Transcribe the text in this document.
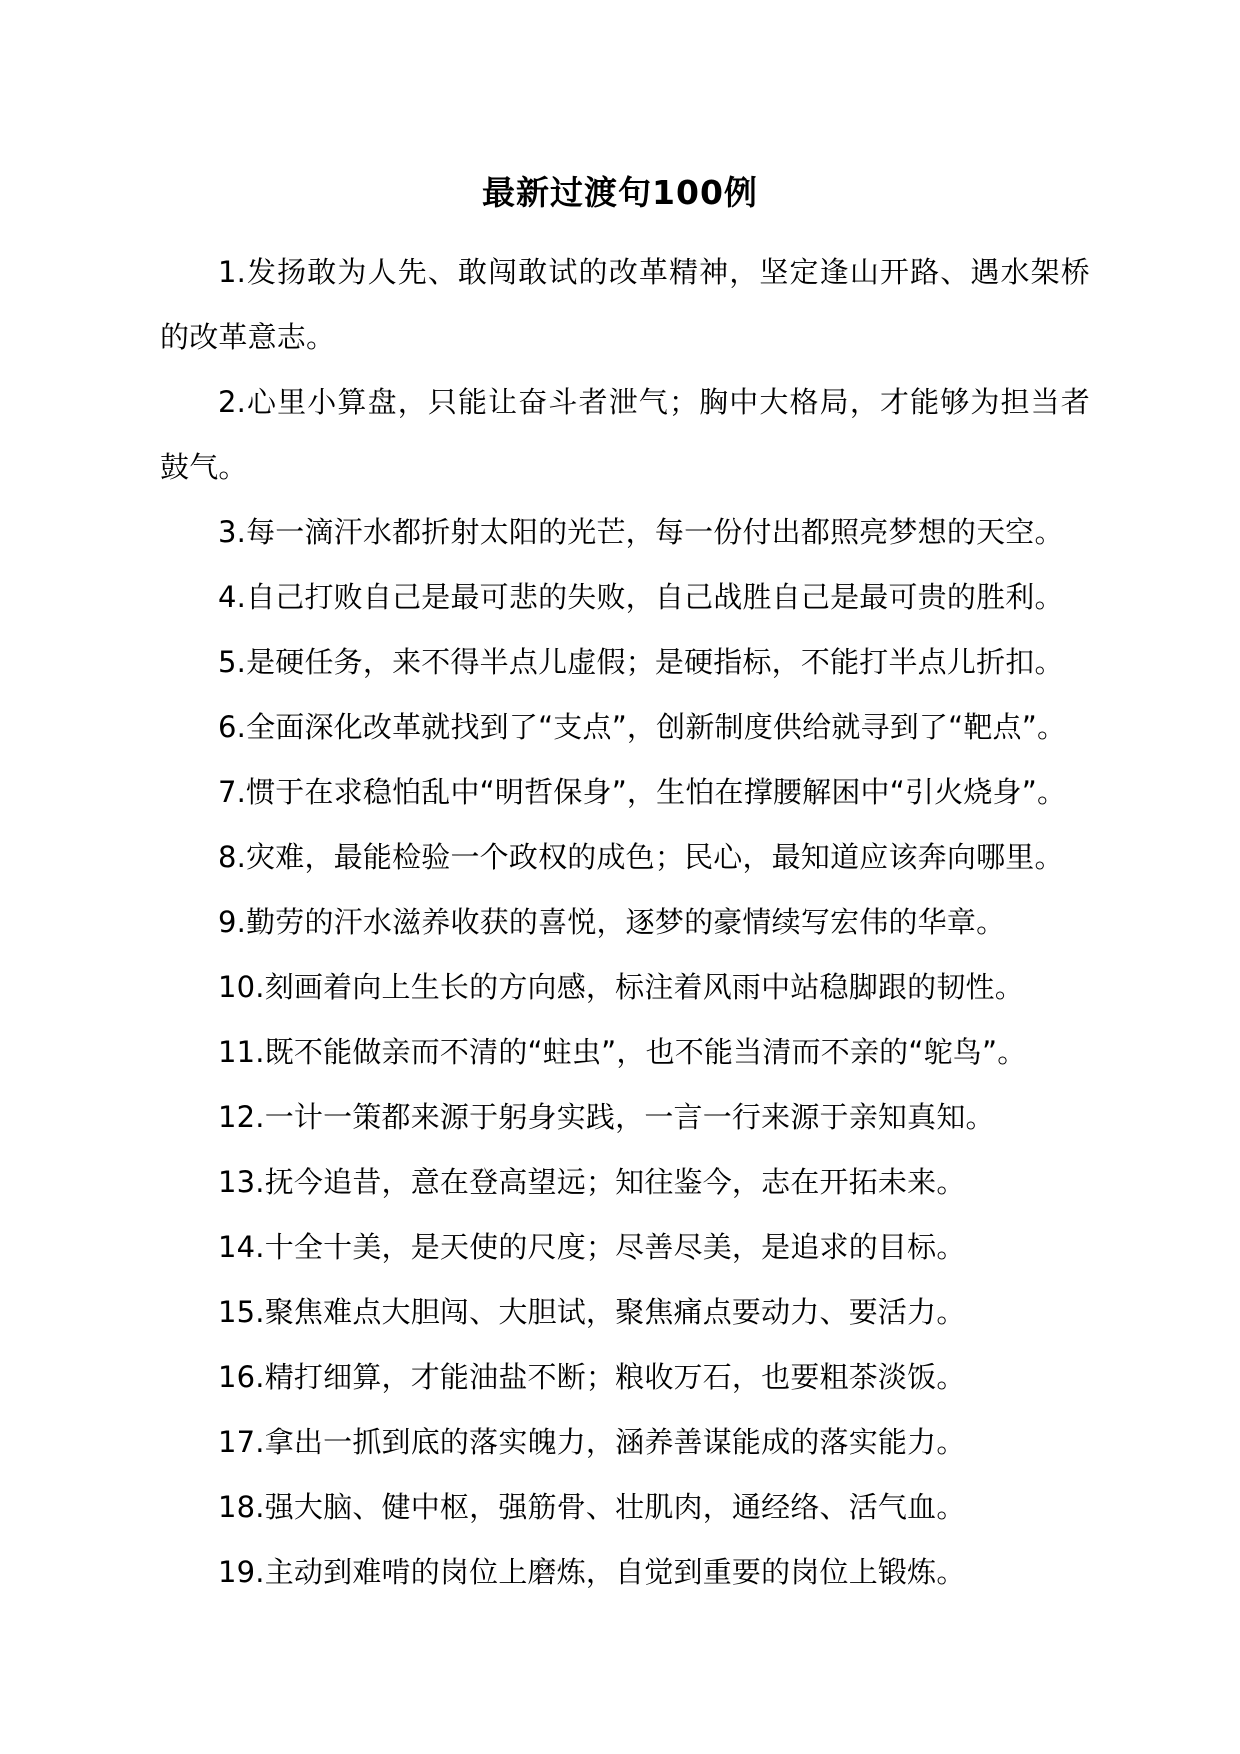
最新过渡句100例

1.发扬敢为人先、敢闯敢试的改革精神，坚定逢山开路、遇水架桥的改革意志。

2.心里小算盘，只能让奋斗者泄气；胸中大格局，才能够为担当者鼓气。

3.每一滴汗水都折射太阳的光芒，每一份付出都照亮梦想的天空。

4.自己打败自己是最可悲的失败，自己战胜自己是最可贵的胜利。

5.是硬任务，来不得半点儿虚假；是硬指标，不能打半点儿折扣。

6.全面深化改革就找到了“支点”，创新制度供给就寻到了“靶点”。

7.惯于在求稳怕乱中“明哲保身”，生怕在撑腰解困中“引火烧身”。

8.灾难，最能检验一个政权的成色；民心，最知道应该奔向哪里。

9.勤劳的汗水滋养收获的喜悦，逐梦的豪情续写宏伟的华章。

10.刻画着向上生长的方向感，标注着风雨中站稳脚跟的韧性。

11.既不能做亲而不清的“蛀虫”，也不能当清而不亲的“鸵鸟”。

12.一计一策都来源于躬身实践，一言一行来源于亲知真知。

13.抚今追昔，意在登高望远；知往鉴今，志在开拓未来。

14.十全十美，是天使的尺度；尽善尽美，是追求的目标。

15.聚焦难点大胆闯、大胆试，聚焦痛点要动力、要活力。

16.精打细算，才能油盐不断；粮收万石，也要粗茶淡饭。

17.拿出一抓到底的落实魄力，涵养善谋能成的落实能力。

18.强大脑、健中枢，强筋骨、壮肌肉，通经络、活气血。

19.主动到难啃的岗位上磨炼，自觉到重要的岗位上锻炼。
